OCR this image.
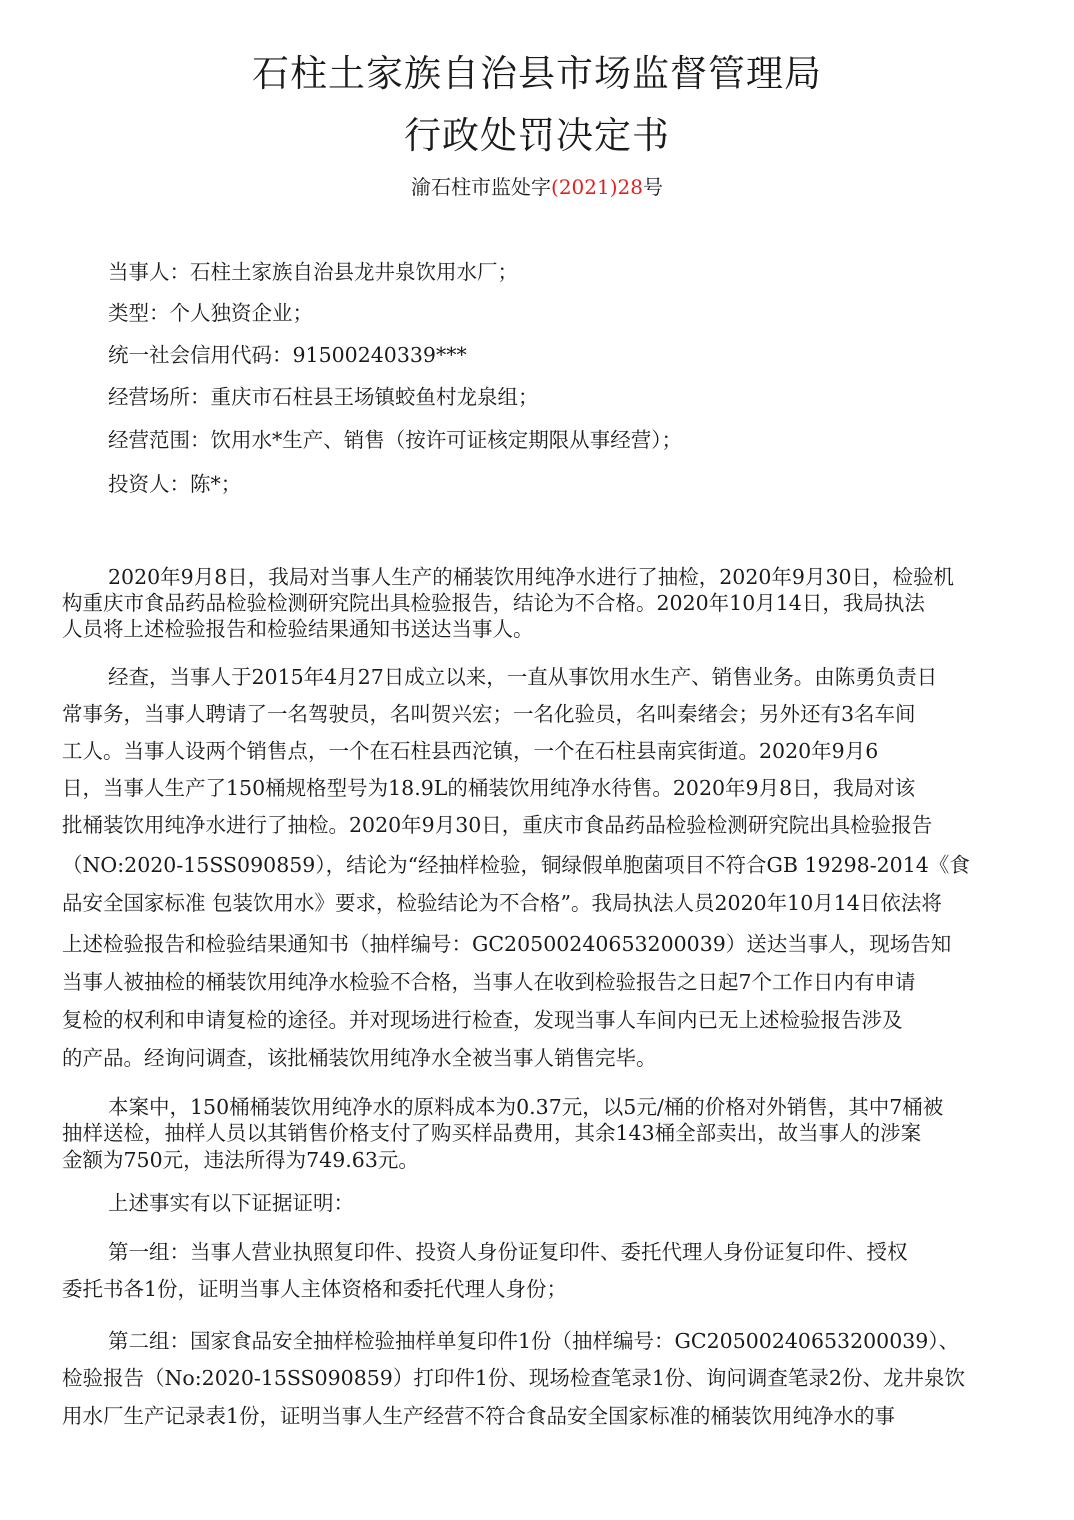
石柱土家族自治县市场监督管理局
行政处罚决定书
渝石柱市监处字(2021)28号
当事人：石柱土家族自治县龙井泉饮用水厂；
类型：个人独资企业；
统一社会信用代码：91500240339***
经营场所：重庆市石柱县王场镇蛟鱼村龙泉组；
经营范围：饮用水*生产、销售（按许可证核定期限从事经营）；
投资人：陈*；
2020年9月8日，我局对当事人生产的桶装饮用纯净水进行了抽检，2020年9月30日，检验机
构重庆市食品药品检验检测研究院出具检验报告，结论为不合格。2020年10月14日，我局执法
人员将上述检验报告和检验结果通知书送达当事人。
经查，当事人于2015年4月27日成立以来，一直从事饮用水生产、销售业务。由陈勇负责日
常事务，当事人聘请了一名驾驶员，名叫贺兴宏；一名化验员，名叫秦绪会；另外还有3名车间
工人。当事人设两个销售点，一个在石柱县西沱镇，一个在石柱县南宾街道。2020年9月6
日，当事人生产了150桶规格型号为18.9L的桶装饮用纯净水待售。2020年9月8日，我局对该
批桶装饮用纯净水进行了抽检。2020年9月30日，重庆市食品药品检验检测研究院出具检验报告
（NO:2020-15SS090859），结论为“经抽样检验，铜绿假单胞菌项目不符合GB 19298-2014《食
品安全国家标准 包装饮用水》要求，检验结论为不合格”。我局执法人员2020年10月14日依法将
上述检验报告和检验结果通知书（抽样编号：GC20500240653200039）送达当事人，现场告知
当事人被抽检的桶装饮用纯净水检验不合格，当事人在收到检验报告之日起7个工作日内有申请
复检的权利和申请复检的途径。并对现场进行检查，发现当事人车间内已无上述检验报告涉及
的产品。经询问调查，该批桶装饮用纯净水全被当事人销售完毕。
本案中，150桶桶装饮用纯净水的原料成本为0.37元，以5元/桶的价格对外销售，其中7桶被
抽样送检，抽样人员以其销售价格支付了购买样品费用，其余143桶全部卖出，故当事人的涉案
金额为750元，违法所得为749.63元。
上述事实有以下证据证明：
第一组：当事人营业执照复印件、投资人身份证复印件、委托代理人身份证复印件、授权
委托书各1份，证明当事人主体资格和委托代理人身份；
第二组：国家食品安全抽样检验抽样单复印件1份（抽样编号：GC20500240653200039）、
检验报告（No:2020-15SS090859）打印件1份、现场检查笔录1份、询问调查笔录2份、龙井泉饮
用水厂生产记录表1份，证明当事人生产经营不符合食品安全国家标准的桶装饮用纯净水的事
